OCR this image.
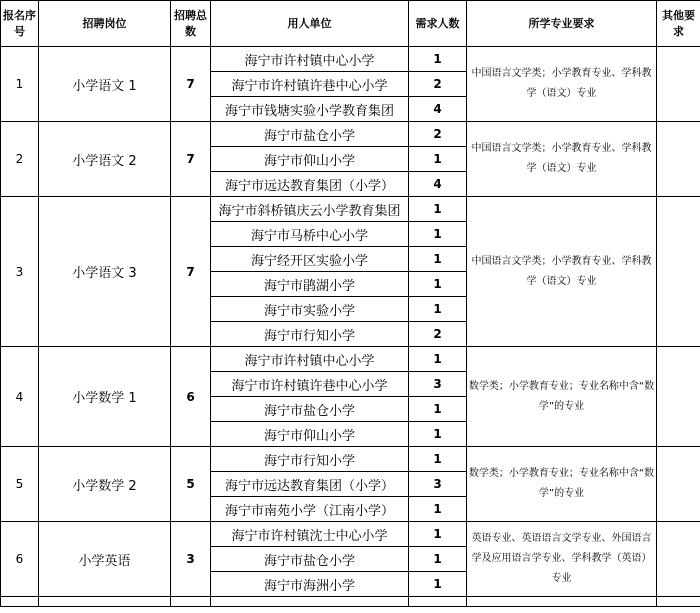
报名序号	招聘岗位	招聘总数	用人单位	需求人数	所学专业要求	其他要求
1	小学语文 1	7	海宁市许村镇中心小学	1	中国语言文学类；小学教育专业、学科教学（语文）专业	
			海宁市许村镇许巷中心小学	2		
			海宁市钱塘实验小学教育集团	4		
2	小学语文 2	7	海宁市盐仓小学	2	中国语言文学类；小学教育专业、学科教学（语文）专业	
			海宁市仰山小学	1		
			海宁市远达教育集团（小学）	4		
3	小学语文 3	7	海宁市斜桥镇庆云小学教育集团	1	中国语言文学类；小学教育专业、学科教学（语文）专业	
			海宁市马桥中心小学	1		
			海宁经开区实验小学	1		
			海宁市鹃湖小学	1		
			海宁市实验小学	1		
			海宁市行知小学	2		
4	小学数学 1	6	海宁市许村镇中心小学	1	数学类；小学教育专业；专业名称中含“数学”的专业	
			海宁市许村镇许巷中心小学	3		
			海宁市盐仓小学	1		
			海宁市仰山小学	1		
5	小学数学 2	5	海宁市行知小学	1	数学类；小学教育专业；专业名称中含“数学”的专业	
			海宁市远达教育集团（小学）	3		
			海宁市南苑小学（江南小学）	1		
6	小学英语	3	海宁市许村镇沈士中心小学	1	英语专业、英语语言文学专业、外国语言学及应用语言学专业、学科教学（英语）专业	
			海宁市盐仓小学	1		
			海宁市海洲小学	1		
